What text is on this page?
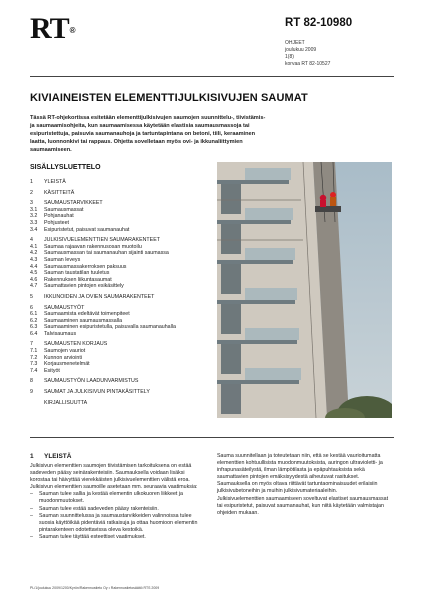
RT®
RT 82-10980
OHJEET
joulukuu 2009
1(8)
korvaa RT 82-10527
KIVIAINEISTEN ELEMENTTIJULKISIVUJEN SAUMAT
Tässä RT-ohjekortissa esitetään elementtijulkisivujen saumojen suunnittelu-, tiivistämis- ja saumaamisohjeita, kun saumaamisessa käytetään elastisia saumausmassoja tai esipuristettuja, paisuvia saumanauhoja ja tartuntapintana on betoni, tiili, keraaminen laatta, luonnonkivi tai rappaus. Ohjetta sovelletaan myös ovi- ja ikkunaliittymien saumaamiseen.
SISÄLLYSLUETTELO
1	YLEISTÄ
2	KÄSITTEITÄ
3	SAUMAUSTARVIKKEET
3.1	Saumausmassat
3.2	Pohjanauhat
3.3	Pohjusteet
3.4	Esipuristetut, paisuvat saumanauhat
4	JULKISIVUELEMENTTIEN SAUMARAKENTEET
4.1	Saumaa rajaavan rakennusosan muotoilu
4.2	Saumausmassan tai saumanauhan sijainti saumassa
4.3	Sauman leveys
4.4	Saumausmassakerroksen paksuus
4.5	Sauman taustatilan tuuletus
4.6	Rakennuksen liikuntasaumat
4.7	Saumattavien pintojen esikäsittely
5	IKKUNOIDEN JA OVIEN SAUMARAKENTEET
6	SAUMAUSTYÖT
6.1	Saumaamista edeltävät toimenpiteet
6.2	Saumaaminen saumausmassalla
6.3	Saumaaminen esipuristetulla, paisuvalla saumanauhalla
6.4	Talvisaumaus
7	SAUMAUSTEN KORJAUS
7.1	Saumojen vauriot
7.2	Kunnon arviointi
7.3	Korjausmenetelmät
7.4	Esityöt
8	SAUMAUSTYÖN LAADUNVARMISTUS
9	SAUMAT JA JULKISIVUN PINTAKÄSITTELY
KIRJALLISUUTTA
1 YLEISTÄ

Julkisivun elementtien saumojen tiivistämisen tarkoituksena on estää sadeveden pääsy seinärakenteisiin. Saumauksella voidaan lisäksi korostaa tai häivyttää vierekkäisten julkisivuelementtien välistä eroa.

Julkisivun elementtien saumoille asetetaan mm. seuraavia vaatimuksia:

–	Sauman tulee sallia ja kestää elementin ulkokuoren liikkeet ja muodonmuutokset.
–	Sauman tulee estää sadeveden pääsy rakenteisiin.
–	Sauman suunnittelussa ja saumaustarvikkeiden valinnoissa tulee suosia käyttöikää pidentäviä ratkaisuja ja ottaa huomioon elementin pintarakenteen odotettavissa oleva kestoikä.
–	Sauman tulee täyttää esteettiset vaatimukset.

Sauma suunnitellaan ja toteutetaan niin, että se kestää vaurioitumatta elementtien kohtuullisista muodonmuutoksista, auringon ultravioletti- ja infrapunasäteilystä, ilman lämpötilasta ja epäpuhtauksista sekä saumattavien pintojen emäksisyydestä aiheutuvat rasitukset. Saumauksella on myös oltava riittävät tartuntaominaisuudet erilaisiin julkisivubetoneihin ja muihin julkisivumateriaaleihin.

Julkisivuelementtien saumaamiseen soveltuvat elastiset saumausmassat tai esipuristetut, paisuvat saumanauhat, kun niitä käytetään valmistajan ohjeiden mukaan.

PL/1/joulukuu 2009/1200/Kyrön/Rakennustieto Oy • Rakennustietosäätiö RTS 2009
